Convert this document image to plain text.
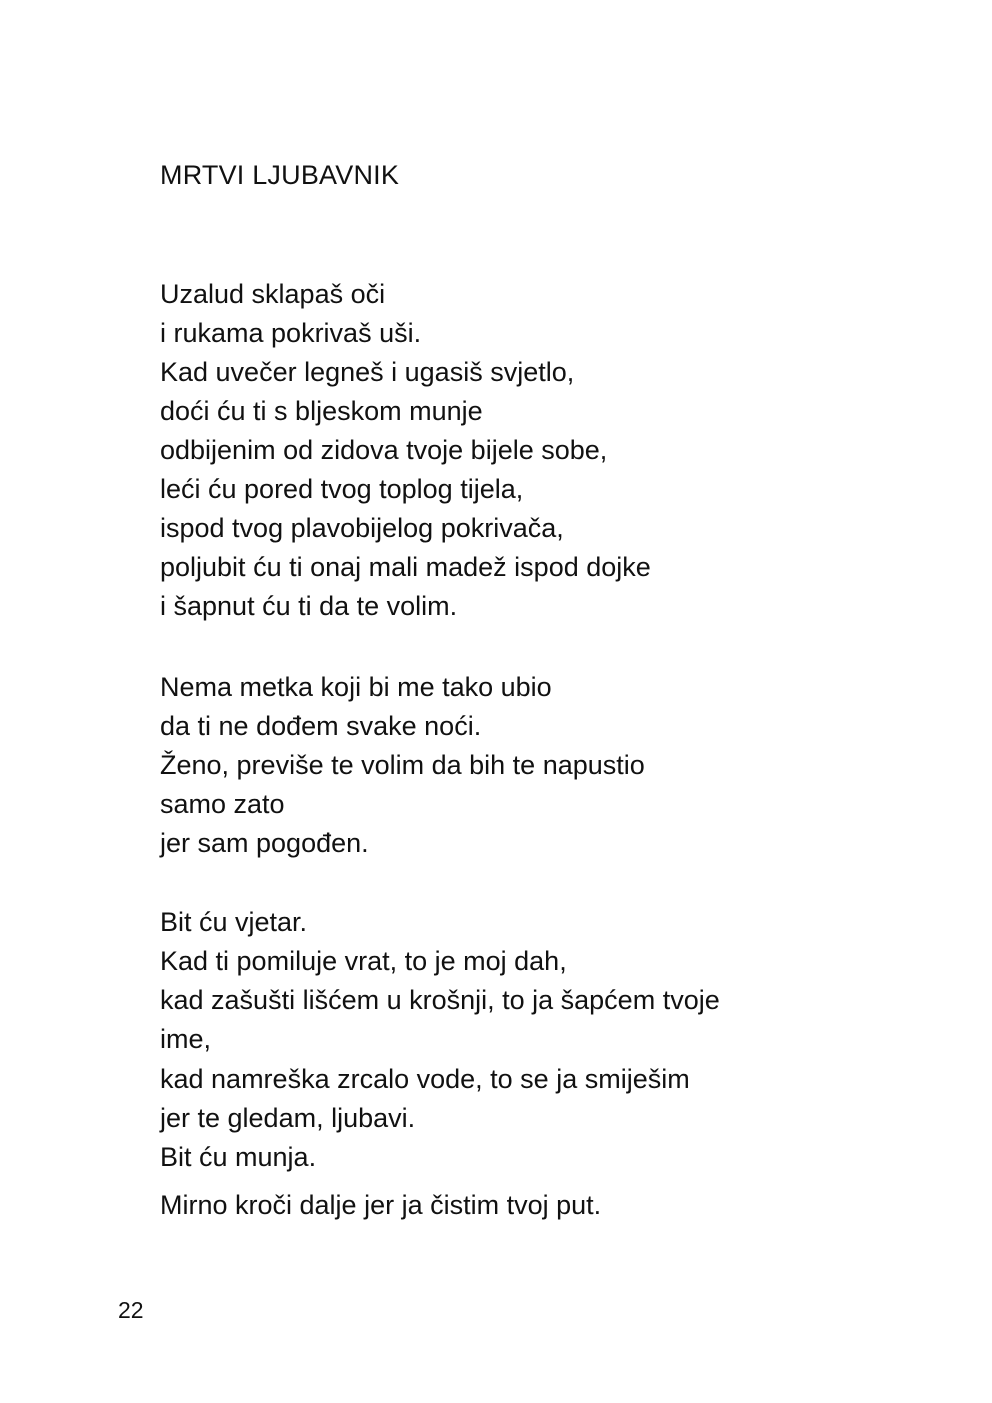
MRTVI LJUBAVNIK
Uzalud sklapaš oči
i rukama pokrivaš uši.
Kad uvečer legneš i ugasiš svjetlo,
doći ću ti s bljeskom munje
odbijenim od zidova tvoje bijele sobe,
leći ću pored tvog toplog tijela,
ispod tvog plavobijelog pokrivača,
poljubit ću ti onaj mali madež ispod dojke
i šapnut ću ti da te volim.
Nema metka koji bi me tako ubio
da ti ne dođem svake noći.
Ženo, previše te volim da bih te napustio
samo zato
jer sam pogođen.
Bit ću vjetar.
Kad ti pomiluje vrat, to je moj dah,
kad zašušti lišćem u krošnji, to ja šapćem tvoje
ime,
kad namreška zrcalo vode, to se ja smiješim
jer te gledam, ljubavi.
Bit ću munja.
Mirno kroči dalje jer ja čistim tvoj put.
22
